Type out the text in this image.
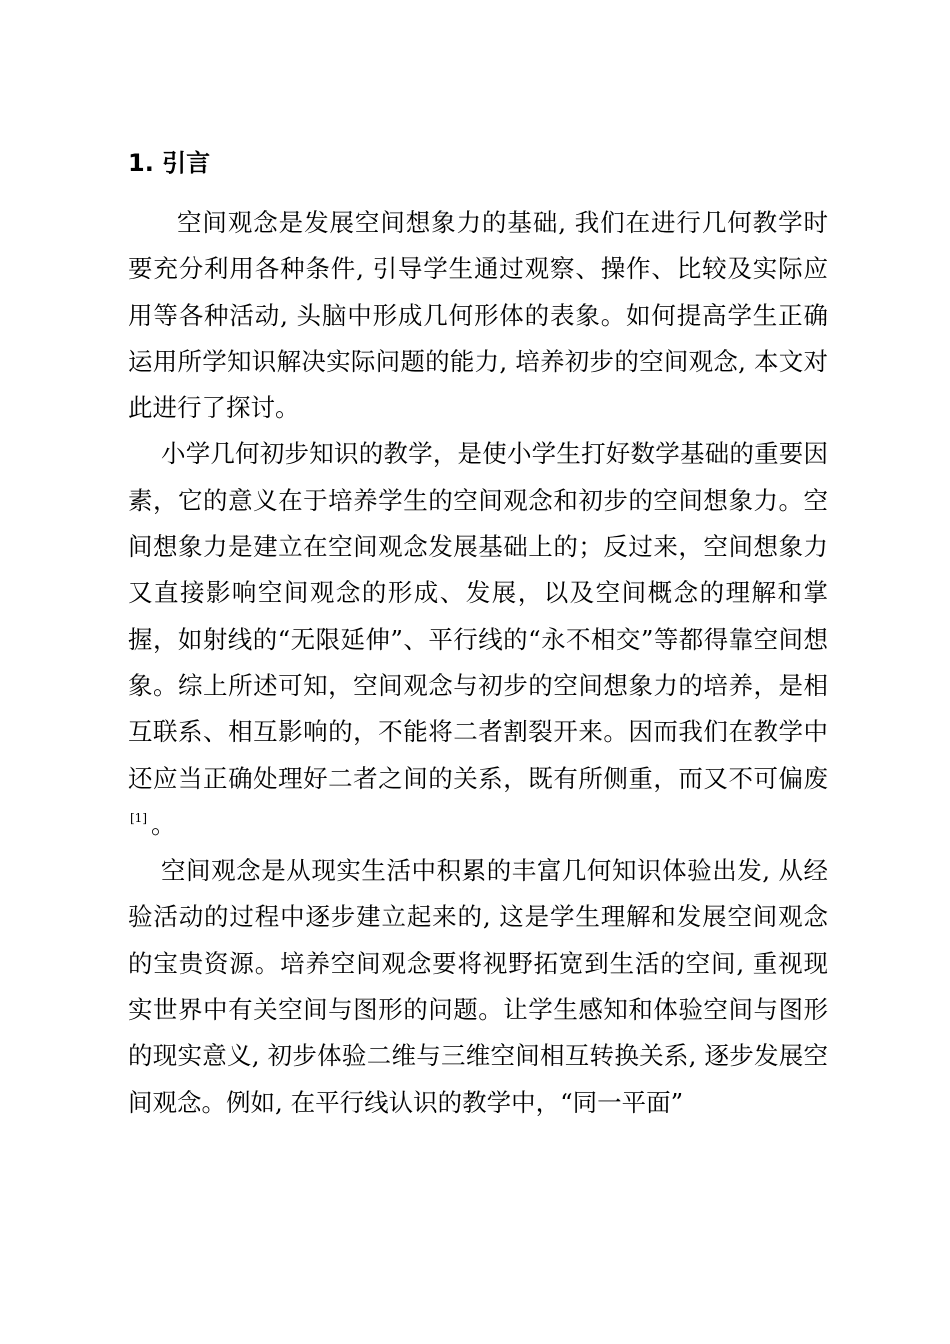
1. 引言

空间观念是发展空间想象力的基础, 我们在进行几何教学时要充分利用各种条件, 引导学生通过观察、操作、比较及实际应用等各种活动, 头脑中形成几何形体的表象。如何提高学生正确运用所学知识解决实际问题的能力, 培养初步的空间观念, 本文对此进行了探讨。

小学几何初步知识的教学，是使小学生打好数学基础的重要因素，它的意义在于培养学生的空间观念和初步的空间想象力。空间想象力是建立在空间观念发展基础上的；反过来，空间想象力又直接影响空间观念的形成、发展，以及空间概念的理解和掌握，如射线的“无限延伸”、平行线的“永不相交”等都得靠空间想象。综上所述可知，空间观念与初步的空间想象力的培养，是相互联系、相互影响的，不能将二者割裂开来。因而我们在教学中还应当正确处理好二者之间的关系，既有所侧重，而又不可偏废[1] 。

空间观念是从现实生活中积累的丰富几何知识体验出发, 从经验活动的过程中逐步建立起来的, 这是学生理解和发展空间观念的宝贵资源。培养空间观念要将视野拓宽到生活的空间, 重视现实世界中有关空间与图形的问题。让学生感知和体验空间与图形的现实意义, 初步体验二维与三维空间相互转换关系, 逐步发展空间观念。例如, 在平行线认识的教学中，“同一平面”
